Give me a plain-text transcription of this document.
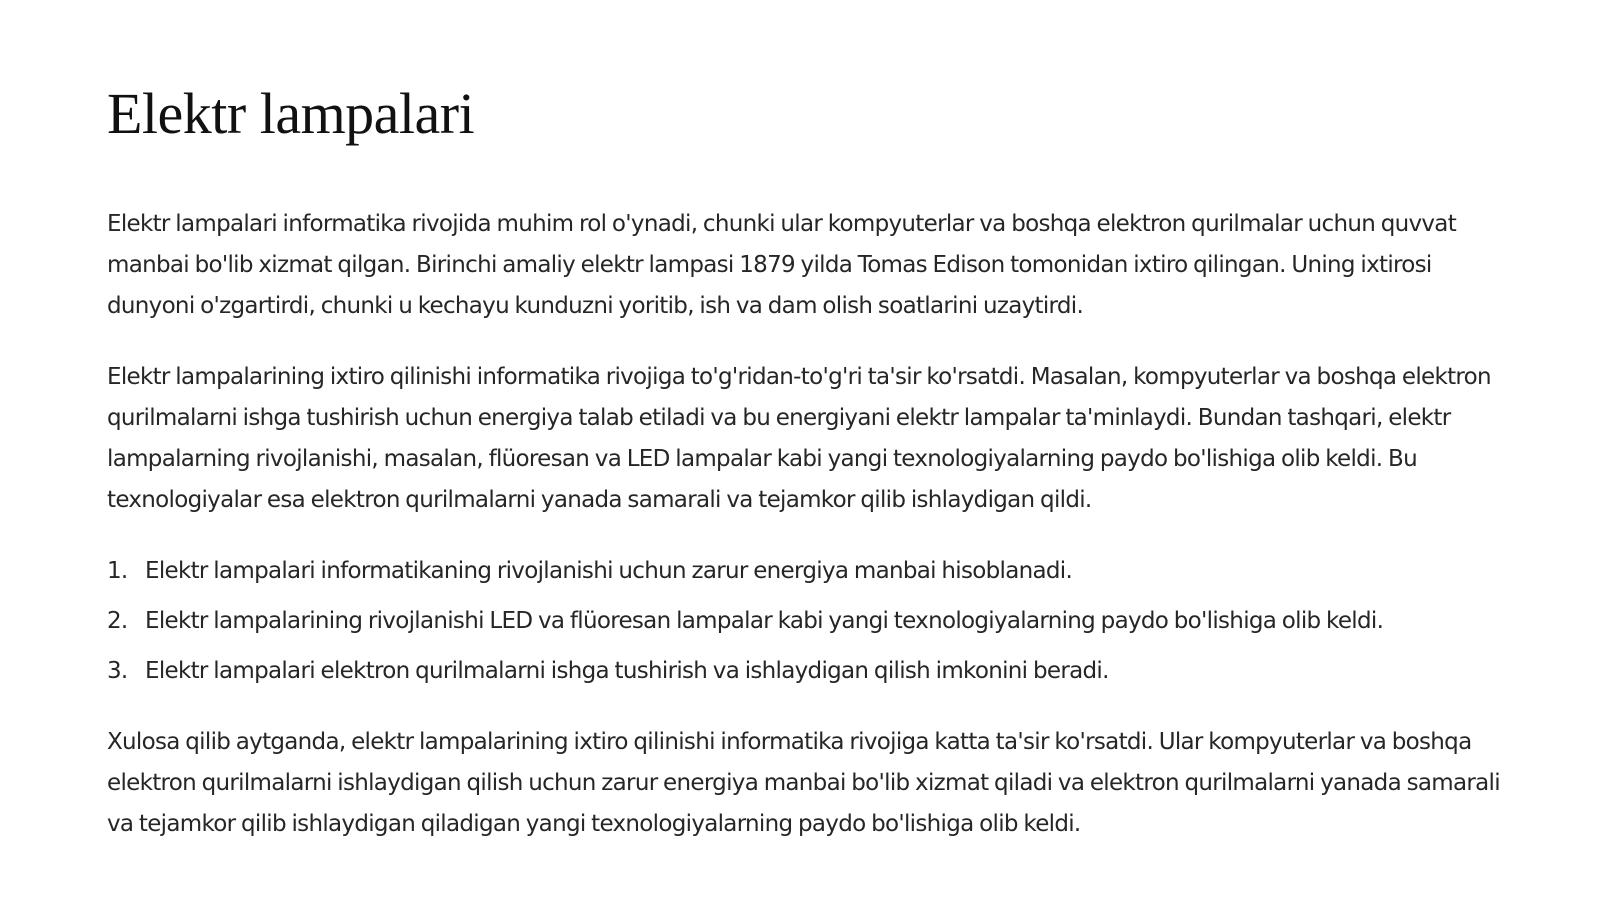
Elektr lampalari

Elektr lampalari informatika rivojida muhim rol o'ynadi, chunki ular kompyuterlar va boshqa elektron qurilmalar uchun quvvat manbai bo'lib xizmat qilgan. Birinchi amaliy elektr lampasi 1879 yilda Tomas Edison tomonidan ixtiro qilingan. Uning ixtirosi dunyoni o'zgartirdi, chunki u kechayu kunduzni yoritib, ish va dam olish soatlarini uzaytirdi.

Elektr lampalarining ixtiro qilinishi informatika rivojiga to'g'ridan-to'g'ri ta'sir ko'rsatdi. Masalan, kompyuterlar va boshqa elektron qurilmalarni ishga tushirish uchun energiya talab etiladi va bu energiyani elektr lampalar ta'minlaydi. Bundan tashqari, elektr lampalarning rivojlanishi, masalan, flüoresan va LED lampalar kabi yangi texnologiyalarning paydo bo'lishiga olib keldi. Bu texnologiyalar esa elektron qurilmalarni yanada samarali va tejamkor qilib ishlaydigan qildi.

1. Elektr lampalari informatikaning rivojlanishi uchun zarur energiya manbai hisoblanadi.
2. Elektr lampalarining rivojlanishi LED va flüoresan lampalar kabi yangi texnologiyalarning paydo bo'lishiga olib keldi.
3. Elektr lampalari elektron qurilmalarni ishga tushirish va ishlaydigan qilish imkonini beradi.

Xulosa qilib aytganda, elektr lampalarining ixtiro qilinishi informatika rivojiga katta ta'sir ko'rsatdi. Ular kompyuterlar va boshqa elektron qurilmalarni ishlaydigan qilish uchun zarur energiya manbai bo'lib xizmat qiladi va elektron qurilmalarni yanada samarali va tejamkor qilib ishlaydigan qiladigan yangi texnologiyalarning paydo bo'lishiga olib keldi.
